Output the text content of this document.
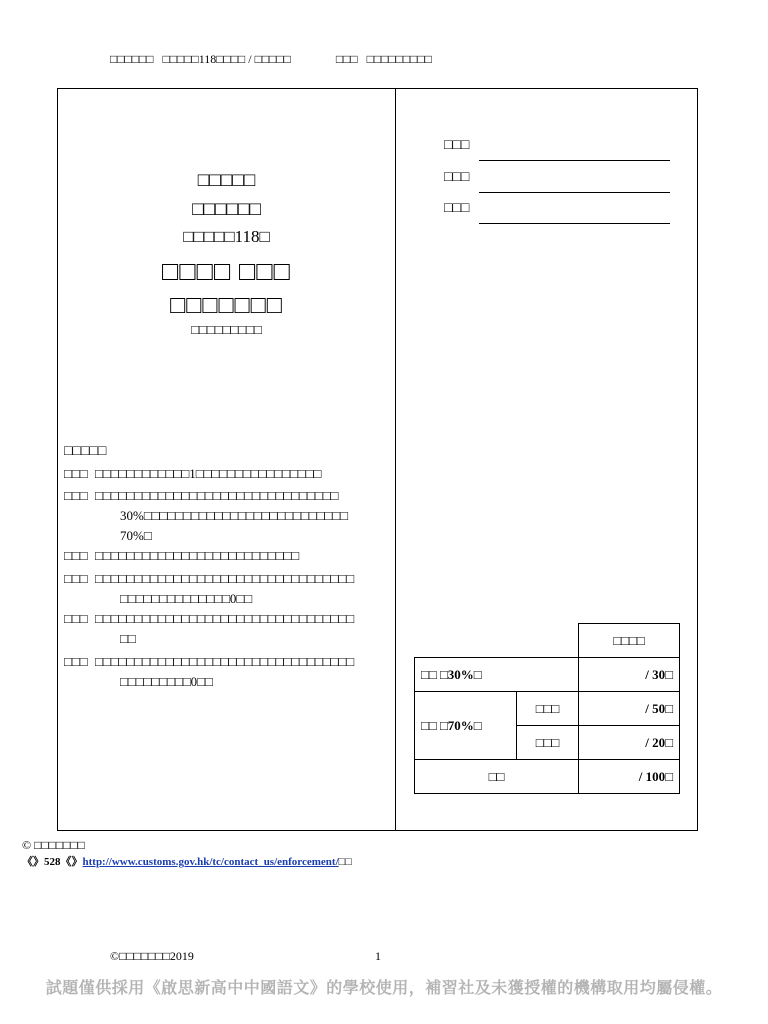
□□□□□□   □□□□□118□□□□ / □□□□□               □□□   □□□□□□□□□
□□□□□
□□□□□□
□□□□□118□
□□□□ □□□
□□□□□□□
□□□□□□□□□
□□□
□□□
□□□
□□□□□
□□□ □□□□□□□□□□□□1□□□□□□□□□□□□□□□□
□□□ □□□□□□□□□□□□□□□□□□□□□□□□□□□□□□□
30%□□□□□□□□□□□□□□□□□□□□□□□□□□
70%□
□□□ □□□□□□□□□□□□□□□□□□□□□□□□□□
□□□ □□□□□□□□□□□□□□□□□□□□□□□□□□□□□□□□□
□□□□□□□□□□□□□□0□□
□□□ □□□□□□□□□□□□□□□□□□□□□□□□□□□□□□□□□
□□
□□□ □□□□□□□□□□□□□□□□□□□□□□□□□□□□□□□□□
□□□□□□□□□0□□
		□□□□
□□ □30%□		/ 30□
□□ □70%□	□□□	/ 50□
	□□□	/ 20□
□□		/ 100□
© □□□□□□□
《》528《》http://www.customs.gov.hk/tc/contact_us/enforcement/□□
©□□□□□□□2019	1
試題僅供採用《啟思新高中中國語文》的學校使用，補習社及未獲授權的機構取用均屬侵權。
